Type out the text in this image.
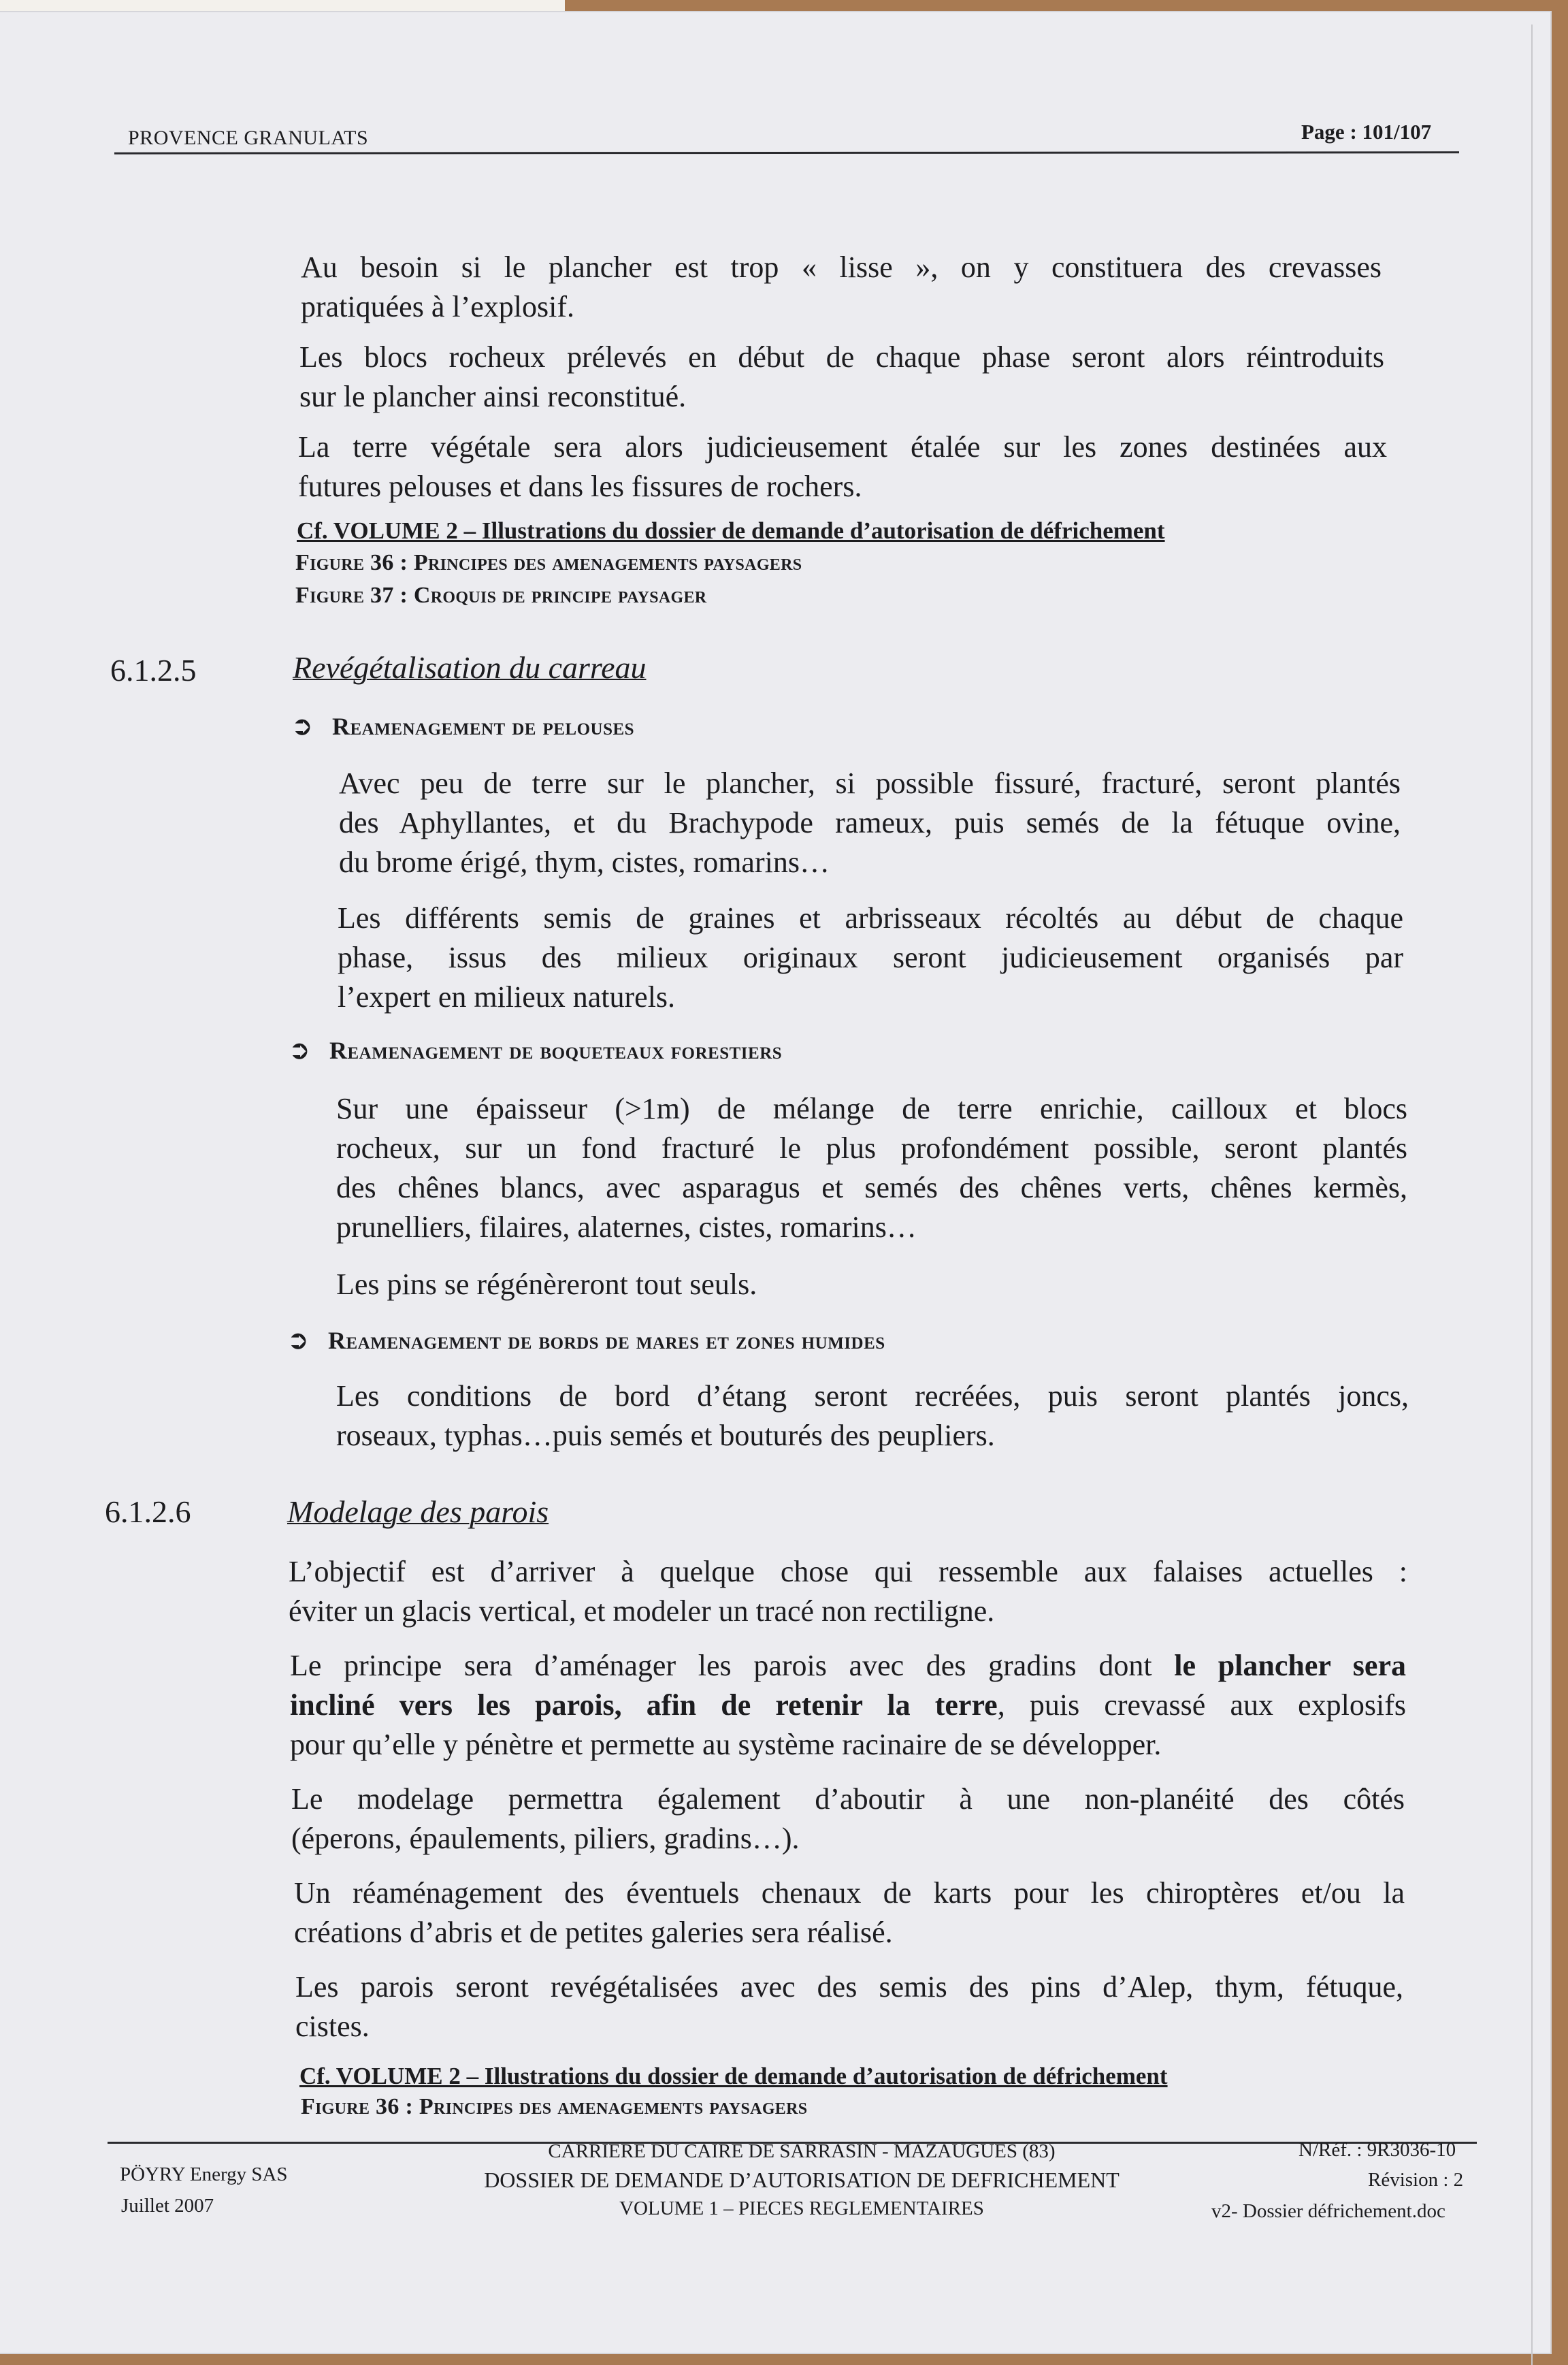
PROVENCE GRANULATS	Page : 101/107
Au besoin si le plancher est trop « lisse », on y constituera des crevasses
pratiquées à l’explosif.
Les blocs rocheux prélevés en début de chaque phase seront alors réintroduits
sur le plancher ainsi reconstitué.
La terre végétale sera alors judicieusement étalée sur les zones destinées aux
futures pelouses et dans les fissures de rochers.
Cf. VOLUME 2 – Illustrations du dossier de demande d’autorisation de défrichement
Figure 36 : Principes des amenagements paysagers
Figure 37 : Croquis de principe paysager
6.1.2.5	Revégétalisation du carreau
➲ Reamenagement de pelouses
Avec peu de terre sur le plancher, si possible fissuré, fracturé, seront plantés
des Aphyllantes, et du Brachypode rameux, puis semés de la fétuque ovine,
du brome érigé, thym, cistes, romarins…
Les différents semis de graines et arbrisseaux récoltés au début de chaque
phase, issus des milieux originaux seront judicieusement organisés par
l’expert en milieux naturels.
➲ Reamenagement de boqueteaux forestiers
Sur une épaisseur (>1m) de mélange de terre enrichie, cailloux et blocs
rocheux, sur un fond fracturé le plus profondément possible, seront plantés
des chênes blancs, avec asparagus et semés des chênes verts, chênes kermès,
prunelliers, filaires, alaternes, cistes, romarins…
Les pins se régénèreront tout seuls.
➲ Reamenagement de bords de mares et zones humides
Les conditions de bord d’étang seront recréées, puis seront plantés joncs,
roseaux, typhas…puis semés et bouturés des peupliers.
6.1.2.6	Modelage des parois
L’objectif est d’arriver à quelque chose qui ressemble aux falaises actuelles :
éviter un glacis vertical, et modeler un tracé non rectiligne.
Le principe sera d’aménager les parois avec des gradins dont le plancher sera
incliné vers les parois, afin de retenir la terre, puis crevassé aux explosifs
pour qu’elle y pénètre et permette au système racinaire de se développer.
Le modelage permettra également d’aboutir à une non-planéité des côtés
(éperons, épaulements, piliers, gradins…).
Un réaménagement des éventuels chenaux de karts pour les chiroptères et/ou la
créations d’abris et de petites galeries sera réalisé.
Les parois seront revégétalisées avec des semis des pins d’Alep, thym, fétuque,
cistes.
Cf. VOLUME 2 – Illustrations du dossier de demande d’autorisation de défrichement
Figure 36 : Principes des amenagements paysagers
PÖYRY Energy SAS
Juillet 2007
CARRIERE DU CAIRE DE SARRASIN - MAZAUGUES (83)
DOSSIER DE DEMANDE D’AUTORISATION DE DEFRICHEMENT
VOLUME 1 – PIECES REGLEMENTAIRES
N/Réf. : 9R3036-10
Révision : 2
v2- Dossier défrichement.doc
